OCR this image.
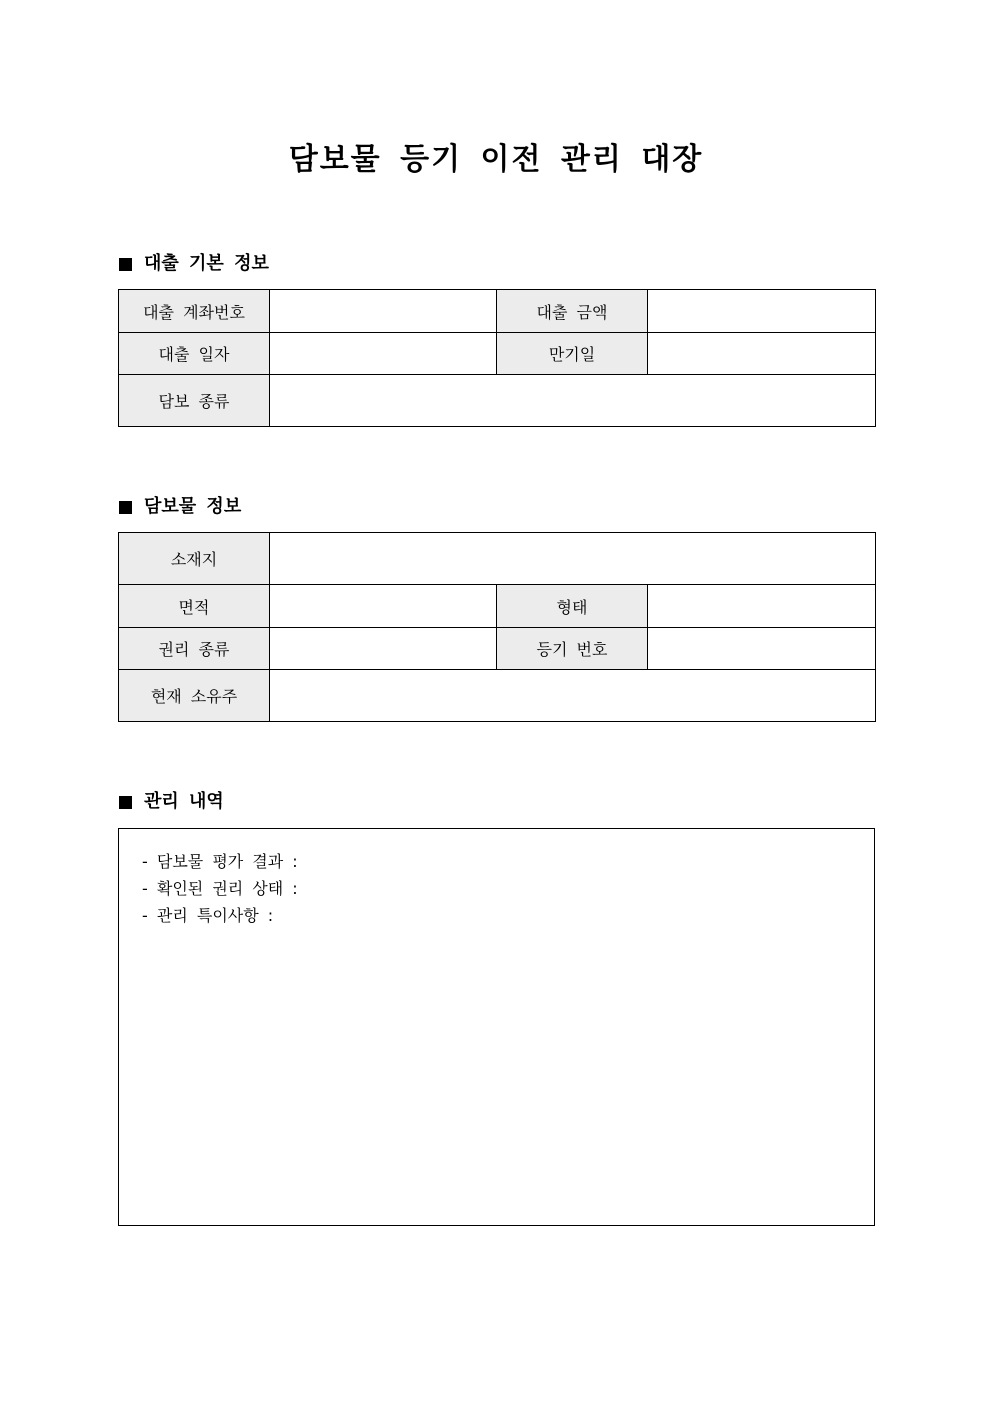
담보물 등기 이전 관리 대장
대출 기본 정보
대출 계좌번호		대출 금액	
대출 일자		만기일	
담보 종류			
담보물 정보
소재지			
면적		형태	
권리 종류		등기 번호	
현재 소유주			
관리 내역
- 담보물 평가 결과 :
- 확인된 권리 상태 :
- 관리 특이사항 :
